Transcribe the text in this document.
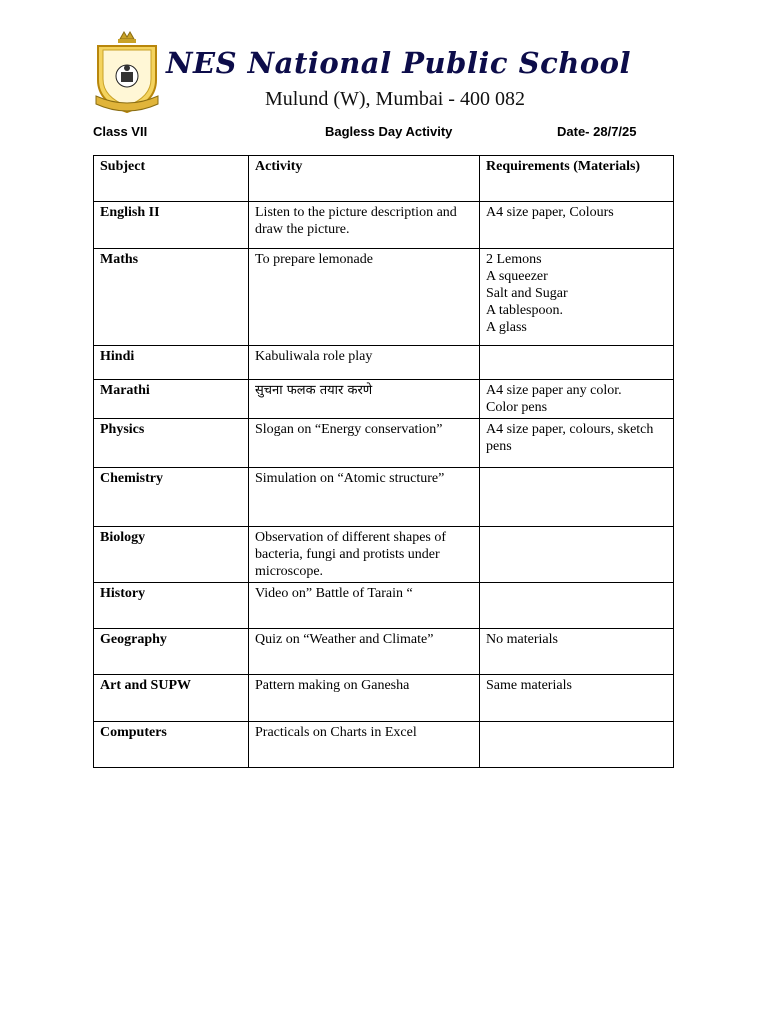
NES National Public School
Mulund (W), Mumbai - 400 082
Class VII	Bagless Day Activity	Date- 28/7/25
Subject	Activity	Requirements (Materials)
English II	Listen to the picture description and draw the picture.	A4 size paper, Colours

Maths	To prepare lemonade	2 Lemons
A squeezer
Salt and Sugar
A tablespoon.
A glass

Hindi	Kabuliwala role play	
Marathi	सुचना फलक तयार करणे	A4 size paper any color.
Color pens

Physics	Slogan on “Energy conservation”	A4 size paper, colours, sketch pens

Chemistry	Simulation on “Atomic structure”	
Biology	Observation of different shapes of bacteria, fungi and protists under microscope.	
History	Video on” Battle of Tarain “	
Geography	Quiz on “Weather and Climate”	No materials

Art and SUPW	Pattern making on Ganesha	Same materials

Computers	Practicals on Charts in Excel	
